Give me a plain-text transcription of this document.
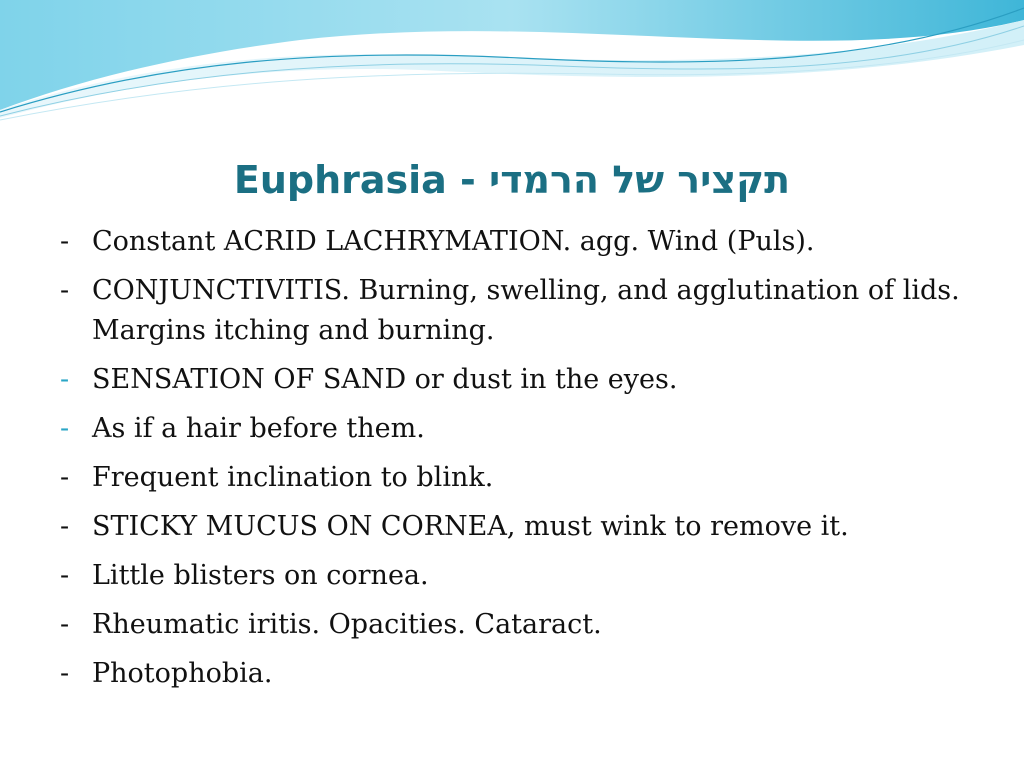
Euphrasia - תקציר של הרמדי
- Constant ACRID LACHRYMATION. agg. Wind (Puls).
- CONJUNCTIVITIS. Burning, swelling, and agglutination of lids. Margins itching and burning.
- SENSATION OF SAND or dust in the eyes.
- As if a hair before them.
- Frequent inclination to blink.
- STICKY MUCUS ON CORNEA, must wink to remove it.
- Little blisters on cornea.
- Rheumatic iritis. Opacities. Cataract.
- Photophobia.
